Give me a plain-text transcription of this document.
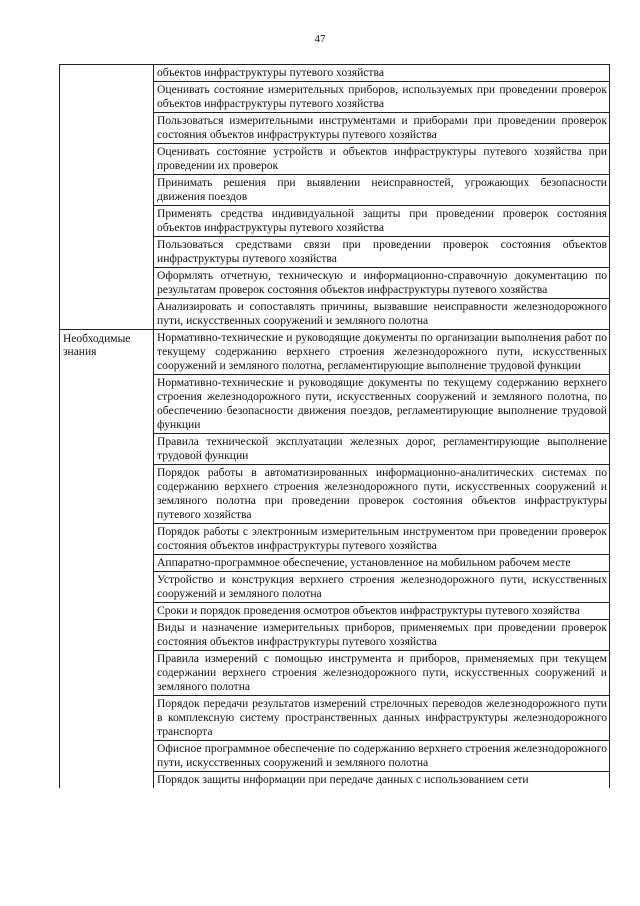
47
объектов инфраструктуры путевого хозяйства
Оценивать состояние измерительных приборов, используемых при проведении проверок объектов инфраструктуры путевого хозяйства
Пользоваться измерительными инструментами и приборами при проведении проверок состояния объектов инфраструктуры путевого хозяйства
Оценивать состояние устройств и объектов инфраструктуры путевого хозяйства при проведении их проверок
Принимать решения при выявлении неисправностей, угрожающих безопасности движения поездов
Применять средства индивидуальной защиты при проведении проверок состояния объектов инфраструктуры путевого хозяйства
Пользоваться средствами связи при проведении проверок состояния объектов инфраструктуры путевого хозяйства
Оформлять отчетную, техническую и информационно-справочную документацию по результатам проверок состояния объектов инфраструктуры путевого хозяйства
Анализировать и сопоставлять причины, вызвавшие неисправности железнодорожного пути, искусственных сооружений и земляного полотна
Необходимые знания
Нормативно-технические и руководящие документы по организации выполнения работ по текущему содержанию верхнего строения железнодорожного пути, искусственных сооружений и земляного полотна, регламентирующие выполнение трудовой функции
Нормативно-технические и руководящие документы по текущему содержанию верхнего строения железнодорожного пути, искусственных сооружений и земляного полотна, по обеспечению безопасности движения поездов, регламентирующие выполнение трудовой функции
Правила технической эксплуатации железных дорог, регламентирующие выполнение трудовой функции
Порядок работы в автоматизированных информационно-аналитических системах по содержанию верхнего строения железнодорожного пути, искусственных сооружений и земляного полотна при проведении проверок состояния объектов инфраструктуры путевого хозяйства
Порядок работы с электронным измерительным инструментом при проведении проверок состояния объектов инфраструктуры путевого хозяйства
Аппаратно-программное обеспечение, установленное на мобильном рабочем месте
Устройство и конструкция верхнего строения железнодорожного пути, искусственных сооружений и земляного полотна
Сроки и порядок проведения осмотров объектов инфраструктуры путевого хозяйства
Виды и назначение измерительных приборов, применяемых при проведении проверок состояния объектов инфраструктуры путевого хозяйства
Правила измерений с помощью инструмента и приборов, применяемых при текущем содержании верхнего строения железнодорожного пути, искусственных сооружений и земляного полотна
Порядок передачи результатов измерений стрелочных переводов железнодорожного пути в комплексную систему пространственных данных инфраструктуры железнодорожного транспорта
Офисное программное обеспечение по содержанию верхнего строения железнодорожного пути, искусственных сооружений и земляного полотна
Порядок защиты информации при передаче данных с использованием сети
